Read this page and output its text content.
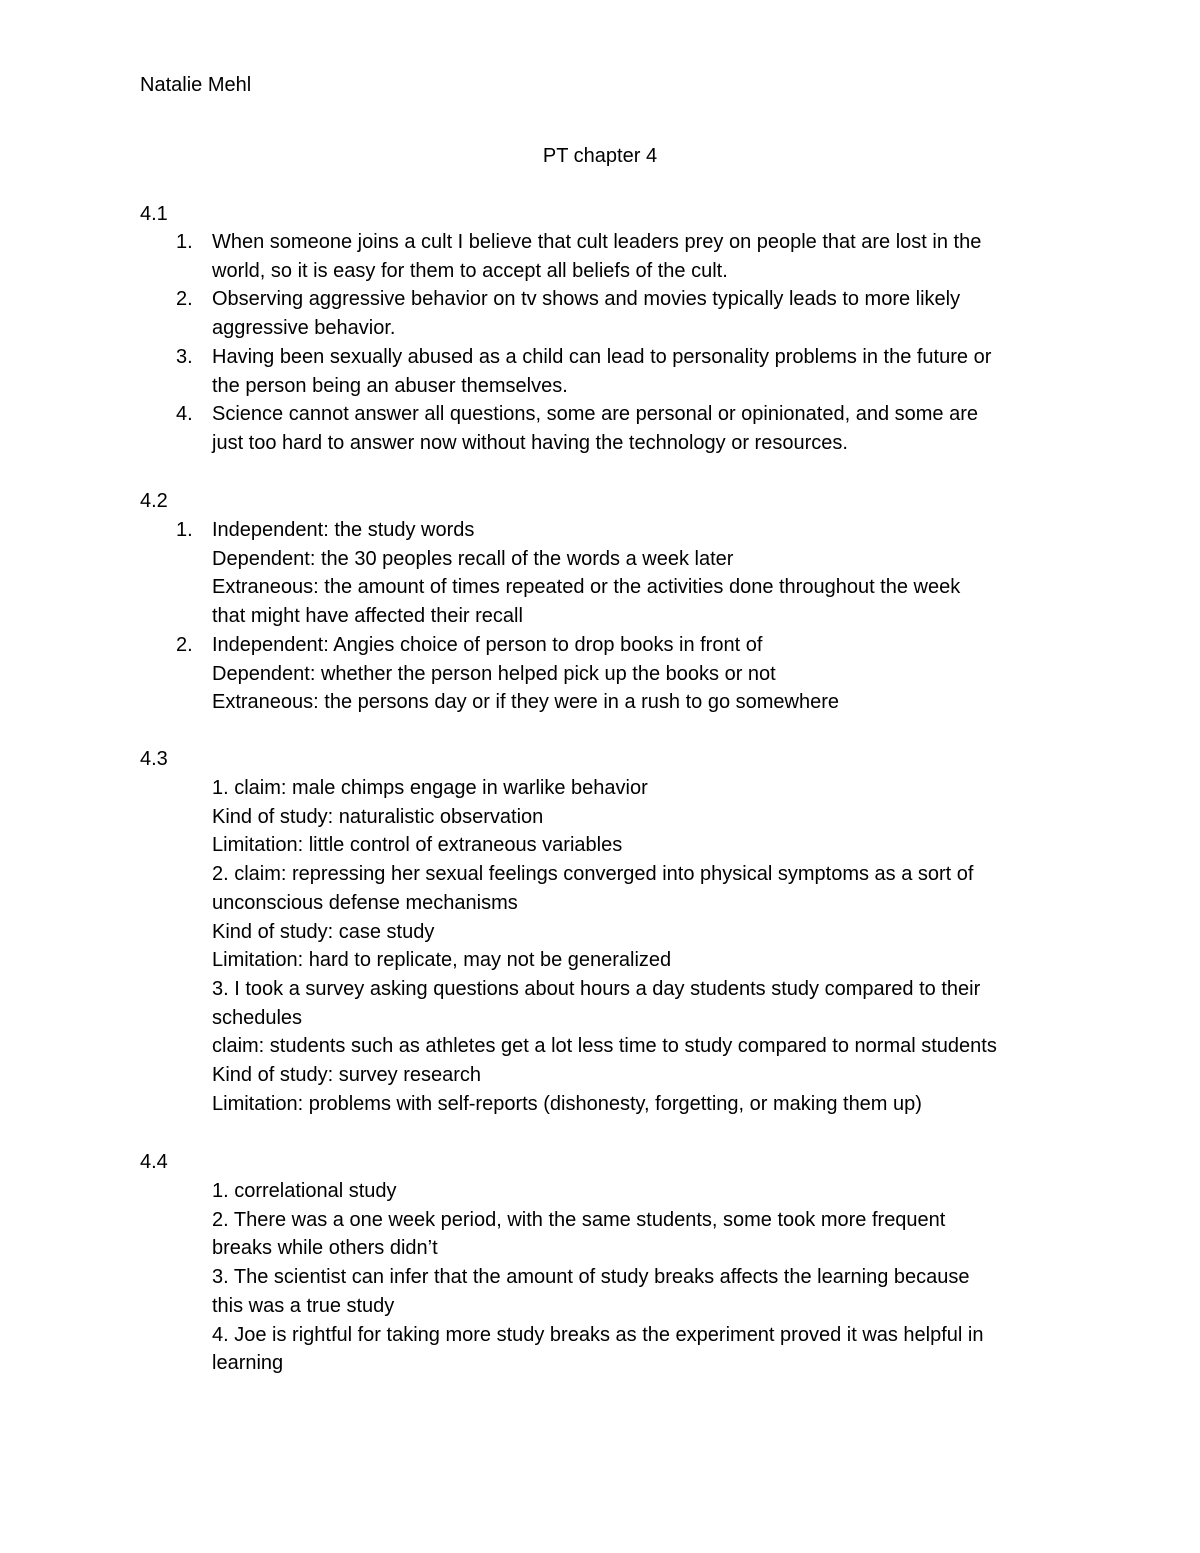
Natalie Mehl

PT chapter 4

4.1

1. When someone joins a cult I believe that cult leaders prey on people that are lost in the
world, so it is easy for them to accept all beliefs of the cult.
2. Observing aggressive behavior on tv shows and movies typically leads to more likely
aggressive behavior.
3. Having been sexually abused as a child can lead to personality problems in the future or
the person being an abuser themselves.
4. Science cannot answer all questions, some are personal or opinionated, and some are
just too hard to answer now without having the technology or resources.

4.2

1. Independent: the study words
Dependent: the 30 peoples recall of the words a week later
Extraneous: the amount of times repeated or the activities done throughout the week
that might have affected their recall
2. Independent: Angies choice of person to drop books in front of
Dependent: whether the person helped pick up the books or not
Extraneous: the persons day or if they were in a rush to go somewhere

4.3

1. claim: male chimps engage in warlike behavior
Kind of study: naturalistic observation
Limitation: little control of extraneous variables
2. claim: repressing her sexual feelings converged into physical symptoms as a sort of
unconscious defense mechanisms
Kind of study: case study
Limitation: hard to replicate, may not be generalized
3. I took a survey asking questions about hours a day students study compared to their
schedules
claim: students such as athletes get a lot less time to study compared to normal students
Kind of study: survey research
Limitation: problems with self-reports (dishonesty, forgetting, or making them up)

4.4

1. correlational study
2. There was a one week period, with the same students, some took more frequent
breaks while others didn’t
3. The scientist can infer that the amount of study breaks affects the learning because
this was a true study
4. Joe is rightful for taking more study breaks as the experiment proved it was helpful in
learning
